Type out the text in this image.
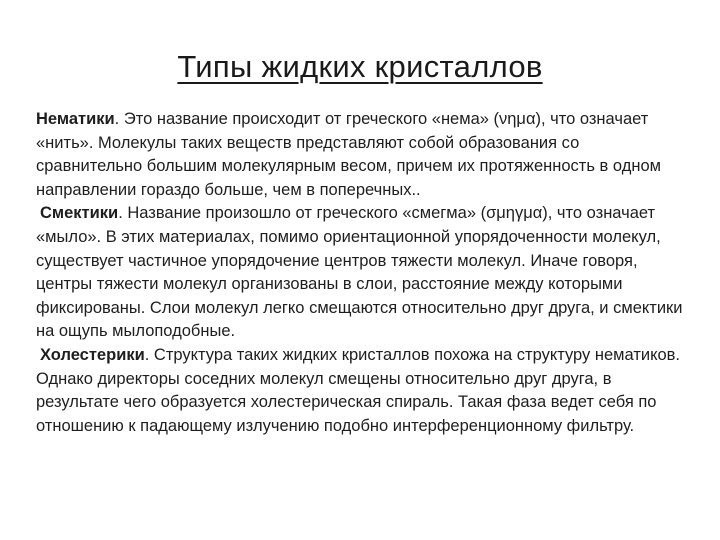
Типы жидких кристаллов

Нематики. Это название происходит от греческого «нема» (νημα), что означает «нить». Молекулы таких веществ представляют собой образования со сравнительно большим молекулярным весом, причем их протяженность в одном направлении гораздо больше, чем в поперечных..

Смектики. Название произошло от греческого «смегма» (σμηγμα), что означает «мыло». В этих материалах, помимо ориентационной упорядоченности молекул, существует частичное упорядочение центров тяжести молекул. Иначе говоря, центры тяжести молекул организованы в слои, расстояние между которыми фиксированы. Слои молекул легко смещаются относительно друг друга, и смектики на ощупь мылоподобные.

Холестерики. Структура таких жидких кристаллов похожа на структуру нематиков. Однако директоры соседних молекул смещены относительно друг друга, в результате чего образуется холестерическая спираль. Такая фаза ведет себя по отношению к падающему излучению подобно интерференционному фильтру.
